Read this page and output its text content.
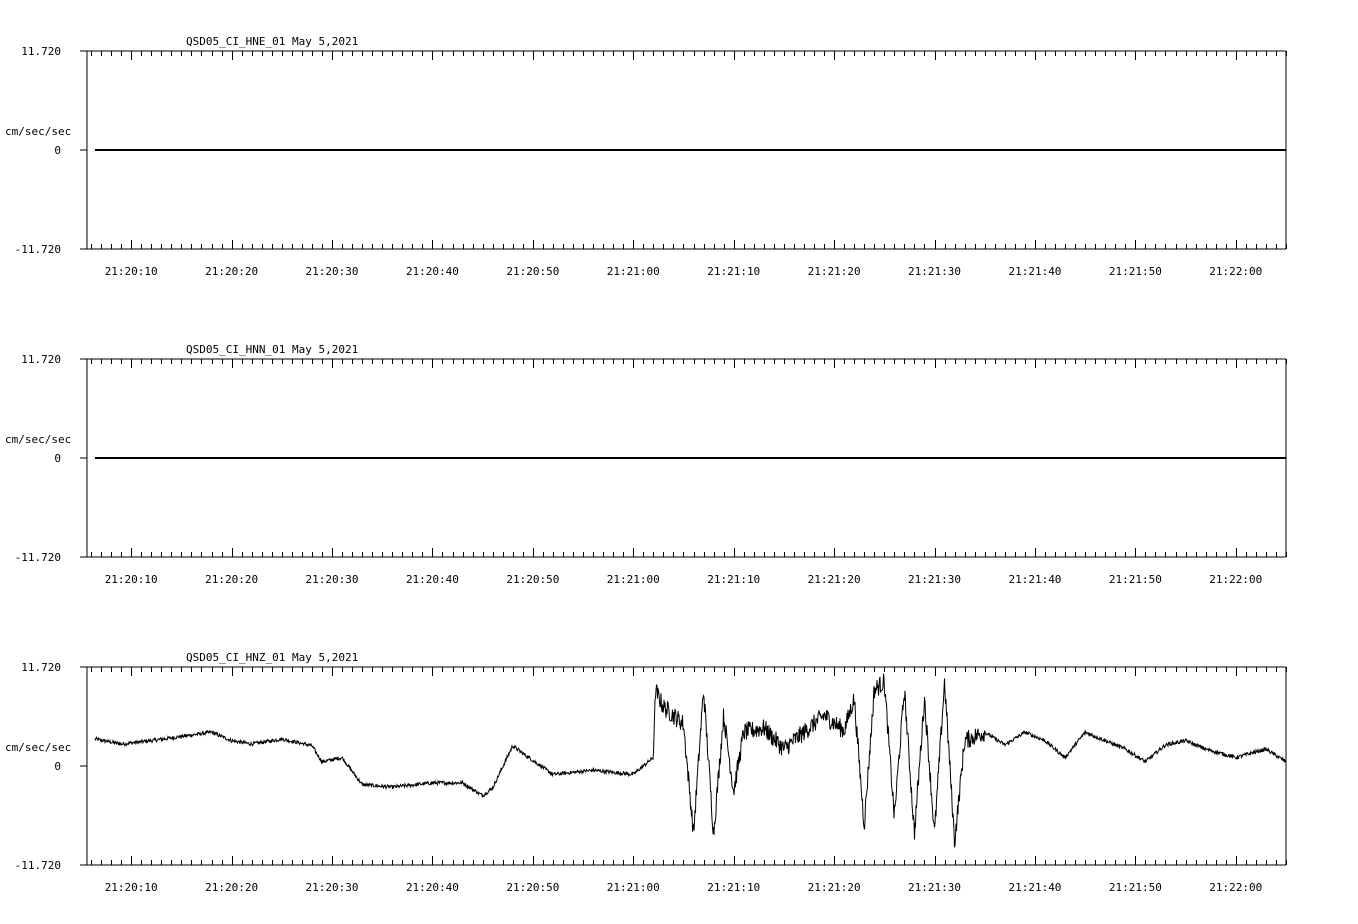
21:20:10	21:20:20	21:20:30	21:20:40	21:20:50	21:21:00	21:21:10	21:21:20	21:21:30	21:21:40	21:21:50	21:22:00
11.720
0
-11.720
cm/sec/sec
QSD05_CI_HNE_01 May 5,2021
21:20:10	21:20:20	21:20:30	21:20:40	21:20:50	21:21:00	21:21:10	21:21:20	21:21:30	21:21:40	21:21:50	21:22:00
11.720
0
-11.720
cm/sec/sec
QSD05_CI_HNN_01 May 5,2021
21:20:10	21:20:20	21:20:30	21:20:40	21:20:50	21:21:00	21:21:10	21:21:20	21:21:30	21:21:40	21:21:50	21:22:00
11.720
0
-11.720
cm/sec/sec
QSD05_CI_HNZ_01 May 5,2021
